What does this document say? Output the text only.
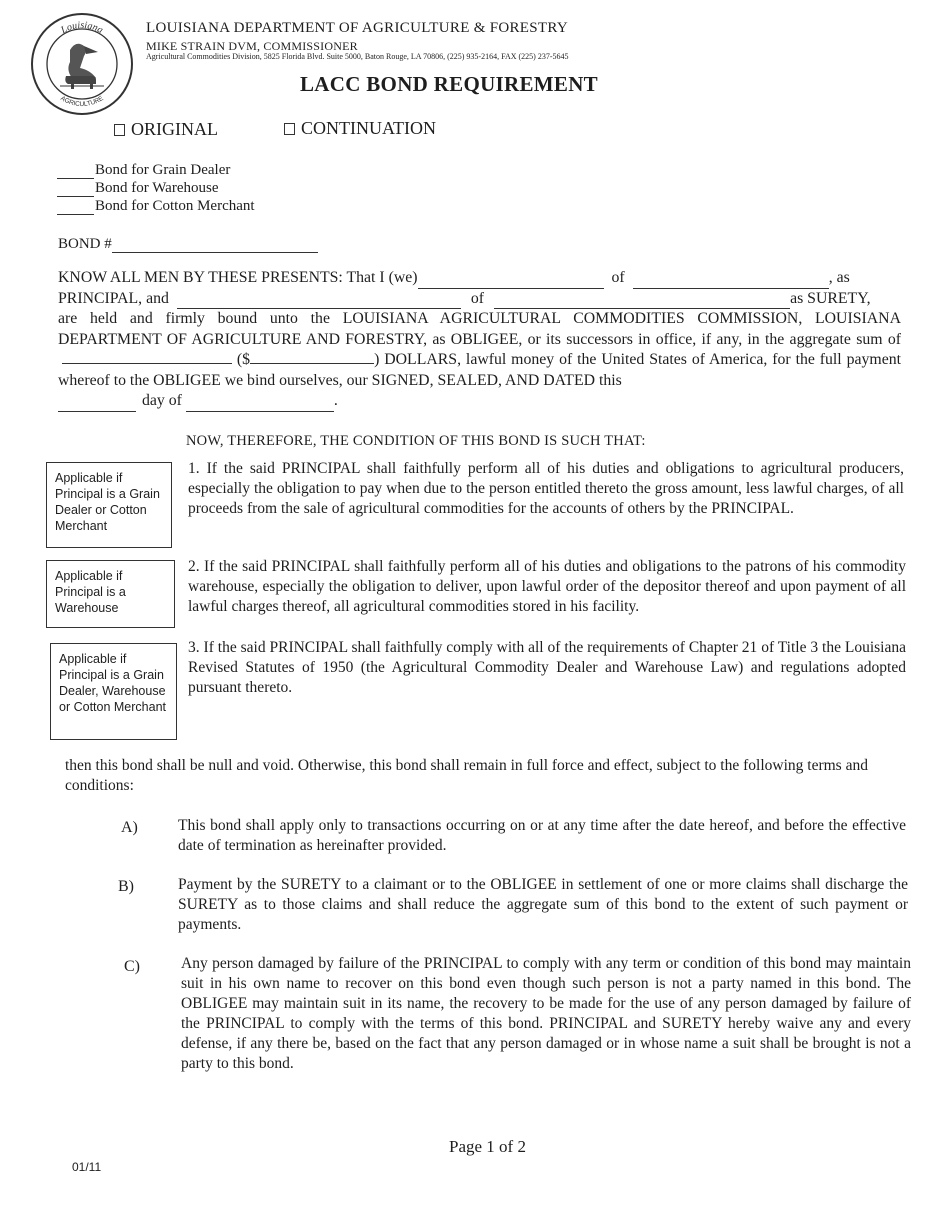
Louisiana
AGRICULTURE
LOUISIANA DEPARTMENT OF AGRICULTURE & FORESTRY
MIKE STRAIN DVM, COMMISSIONER
Agricultural Commodities Division, 5825 Florida Blvd. Suite 5000, Baton Rouge, LA 70806, (225) 935-2164, FAX (225) 237-5645
LACC BOND REQUIREMENT
ORIGINAL	CONTINUATION
Bond for Grain Dealer
Bond for Warehouse
Bond for Cotton Merchant
BOND #
KNOW ALL MEN BY THESE PRESENTS: That I (we)	of	, as
PRINCIPAL, and	of	as SURETY,
are held and firmly bound unto the LOUISIANA AGRICULTURAL COMMODITIES COMMISSION, LOUISIANA DEPARTMENT OF AGRICULTURE AND FORESTRY, as OBLIGEE, or its successors in office, if any, in the aggregate sum of  ($	) DOLLARS, lawful money of the United States of America, for the full payment whereof to the OBLIGEE we bind ourselves, our SIGNED, SEALED, AND DATED this
day of	.
NOW, THEREFORE, THE CONDITION OF THIS BOND IS SUCH THAT:
Applicable if Principal is a Grain Dealer or Cotton Merchant
Applicable if Principal is a Warehouse
Applicable if Principal is a Grain Dealer, Warehouse or Cotton Merchant
1. If the said PRINCIPAL shall faithfully perform all of his duties and obligations to agricultural producers, especially the obligation to pay when due to the person entitled thereto the gross amount, less lawful charges, of all proceeds from the sale of agricultural commodities for the accounts of others by the PRINCIPAL.
2. If the said PRINCIPAL shall faithfully perform all of his duties and obligations to the patrons of his commodity warehouse, especially the obligation to deliver, upon lawful order of the depositor thereof and upon payment of all lawful charges thereof, all agricultural commodities stored in his facility.
3. If the said PRINCIPAL shall faithfully comply with all of the requirements of Chapter 21 of Title 3 the Louisiana Revised Statutes of 1950 (the Agricultural Commodity Dealer and Warehouse Law) and regulations adopted pursuant thereto.
then this bond shall be null and void. Otherwise, this bond shall remain in full force and effect, subject to the following terms and conditions:
A)	This bond shall apply only to transactions occurring on or at any time after the date hereof, and before the effective date of termination as hereinafter provided.
B)	Payment by the SURETY to a claimant or to the OBLIGEE in settlement of one or more claims shall discharge the SURETY as to those claims and shall reduce the aggregate sum of this bond to the extent of such payment or payments.
C)	Any person damaged by failure of the PRINCIPAL to comply with any term or condition of this bond may maintain suit in his own name to recover on this bond even though such person is not a party named in this bond. The OBLIGEE may maintain suit in its name, the recovery to be made for the use of any person damaged by failure of the PRINCIPAL to comply with the terms of this bond. PRINCIPAL and SURETY hereby waive any and every defense, if any there be, based on the fact that any person damaged or in whose name a suit shall be brought is not a party to this bond.
Page 1 of 2
01/11
